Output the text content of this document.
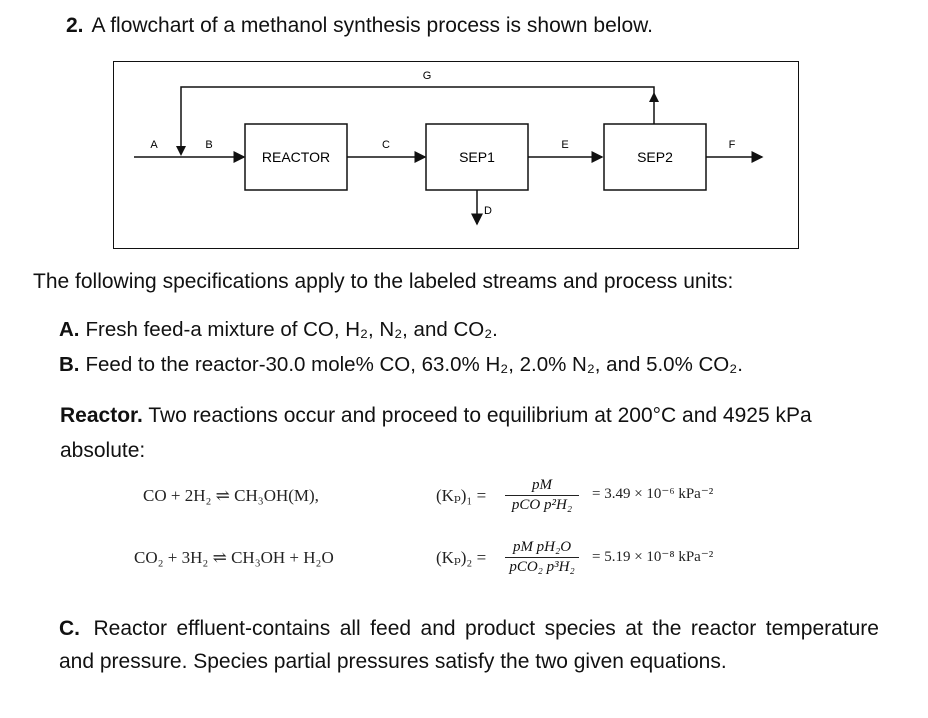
2. A flowchart of a methanol synthesis process is shown below.
REACTOR	SEP1	SEP2
A	B	C
D
E	F
G
The following specifications apply to the labeled streams and process units:
A. Fresh feed-a mixture of CO, H₂, N₂, and CO₂.
B. Feed to the reactor-30.0 mole% CO, 63.0% H₂, 2.0% N₂, and 5.0% CO₂.
Reactor. Two reactions occur and proceed to equilibrium at 200°C and 4925 kPa absolute:
CO + 2H₂ ⇌ CH₃OH(M),	(Kₚ)₁ =
pM
pCO p²H₂
= 3.49 × 10⁻⁶ kPa⁻²
CO₂ + 3H₂ ⇌ CH₃OH + H₂O	(Kₚ)₂ =
pM pH₂O
pCO₂ p³H₂
= 5.19 × 10⁻⁸ kPa⁻²
C. Reactor effluent-contains all feed and product species at the reactor temperature and pressure. Species partial pressures satisfy the two given equations.
